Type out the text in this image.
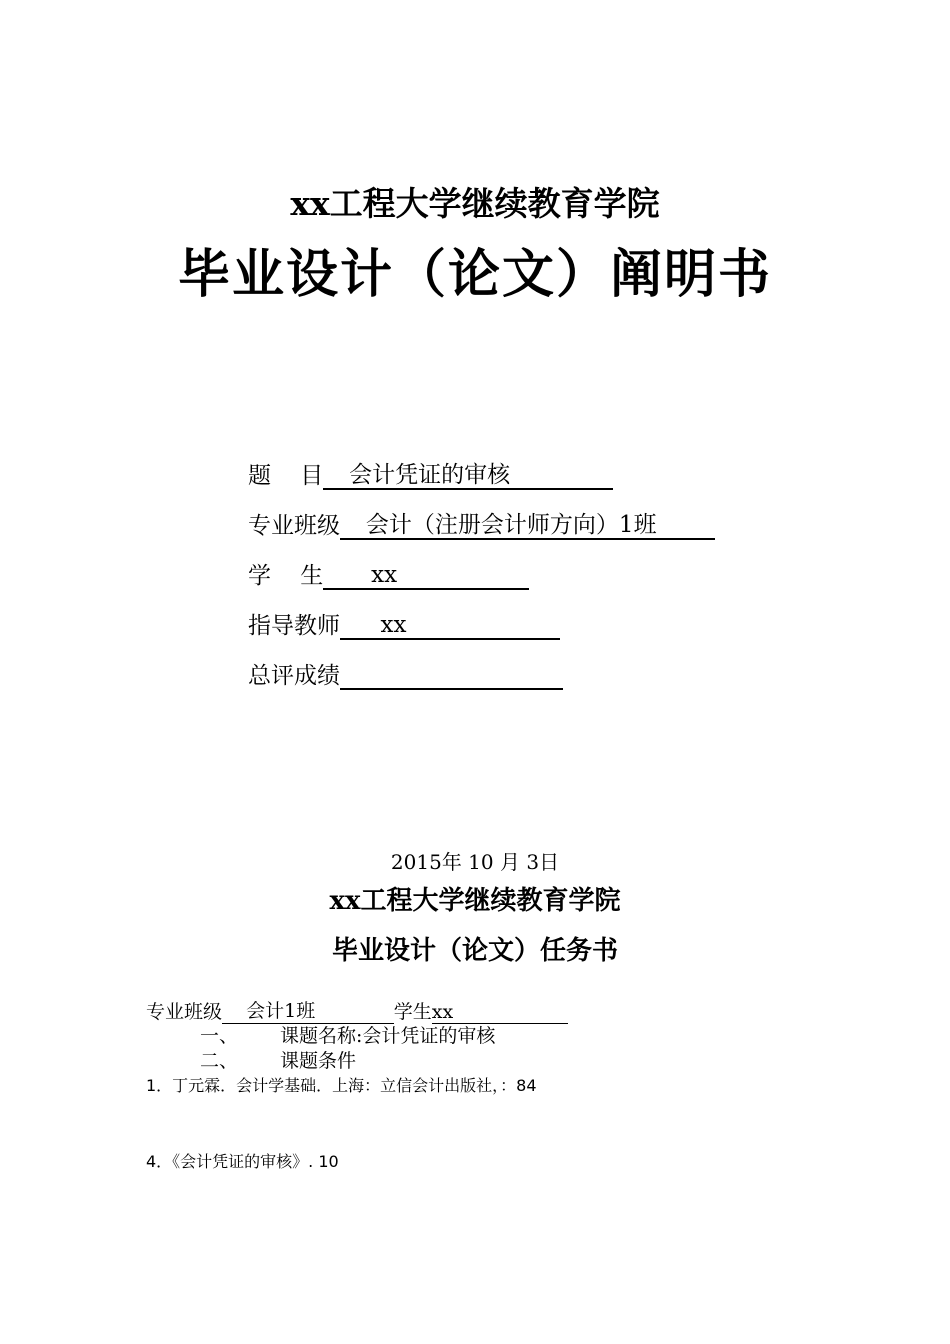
xx工程大学继续教育学院
毕业设计（论文）阐明书
题    目 会计凭证的审核
专业班级 会计（注册会计师方向）1班
学    生 xx
指导教师 xx
总评成绩

2015年 10 月 3日
xx工程大学继续教育学院
毕业设计（论文）任务书
专业班级 会计1班 学生 xx
一、 课题名称:会计凭证的审核
二、 课题条件
1．丁元霖．会计学基础．上海：立信会计出版社，：84
4．《会计凭证的审核》. 10
